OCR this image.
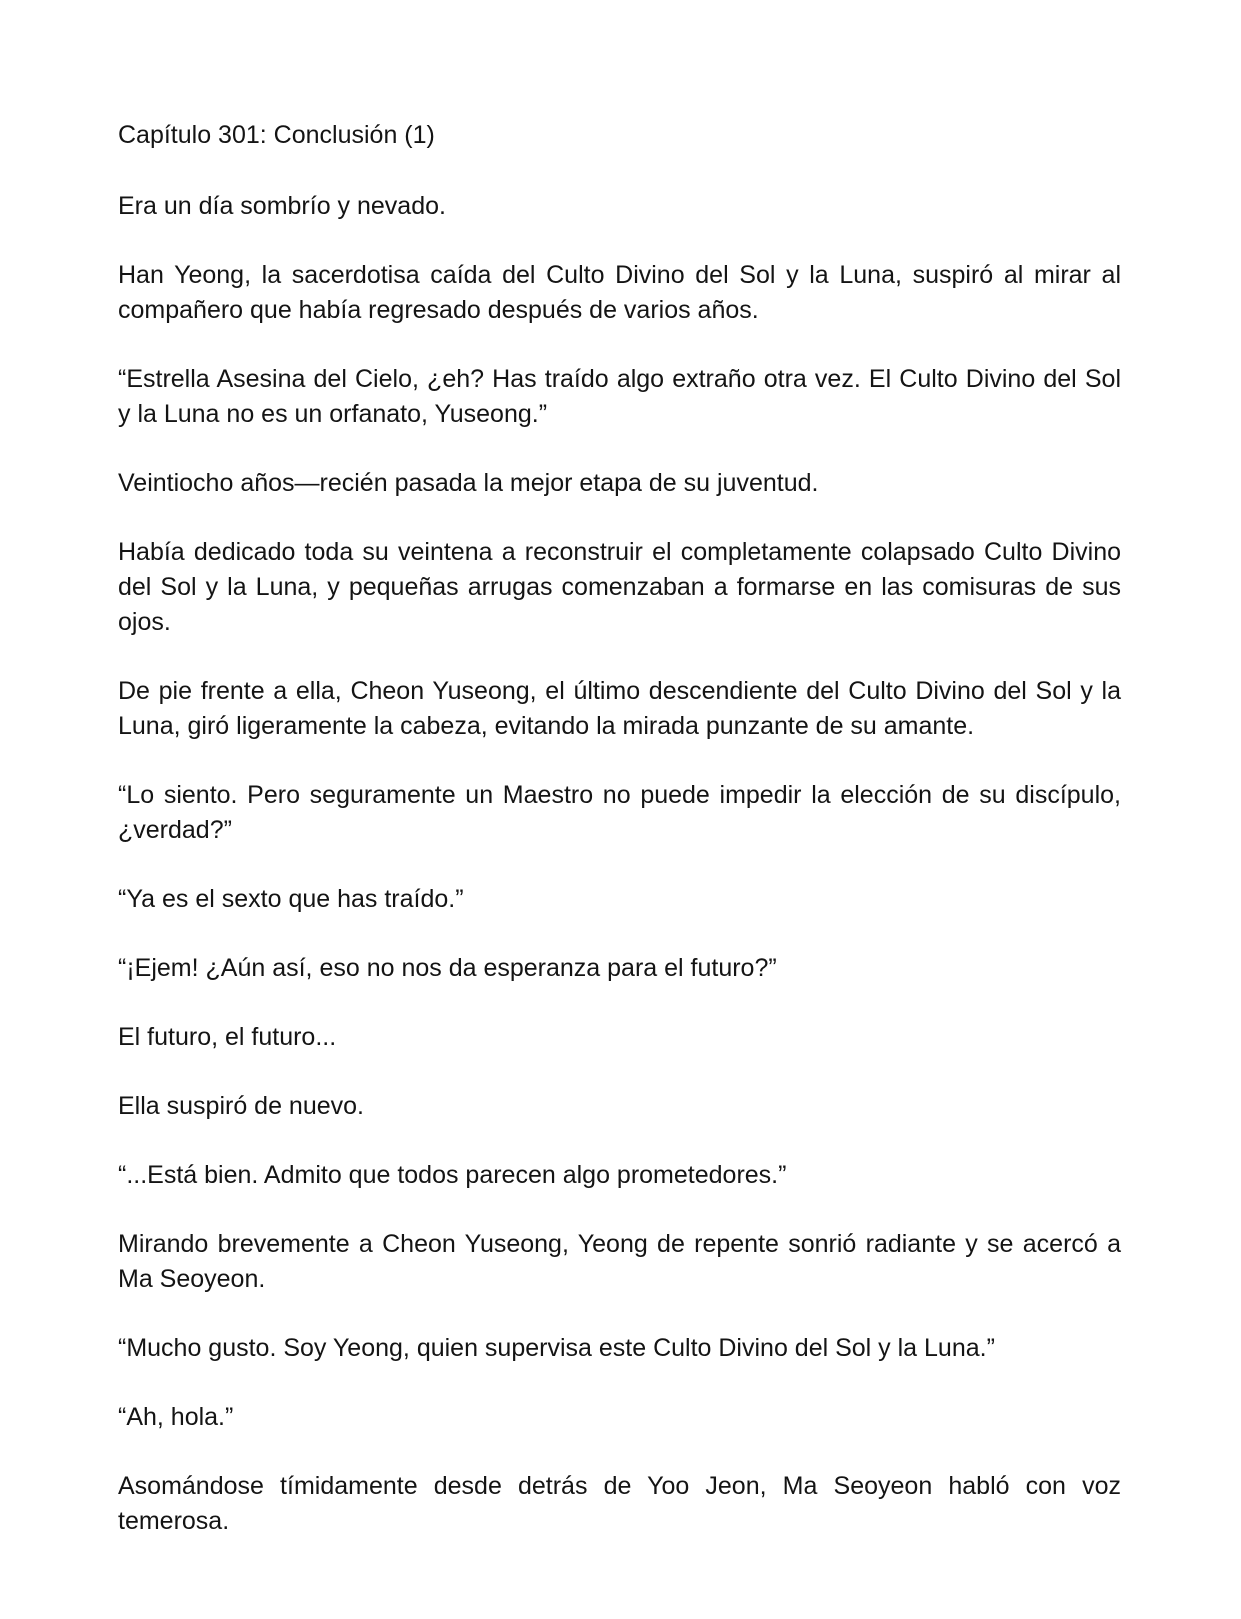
Capítulo 301: Conclusión (1)

Era un día sombrío y nevado.

Han Yeong, la sacerdotisa caída del Culto Divino del Sol y la Luna, suspiró al mirar al compañero que había regresado después de varios años.

“Estrella Asesina del Cielo, ¿eh? Has traído algo extraño otra vez. El Culto Divino del Sol y la Luna no es un orfanato, Yuseong.”

Veintiocho años—recién pasada la mejor etapa de su juventud.

Había dedicado toda su veintena a reconstruir el completamente colapsado Culto Divino del Sol y la Luna, y pequeñas arrugas comenzaban a formarse en las comisuras de sus ojos.

De pie frente a ella, Cheon Yuseong, el último descendiente del Culto Divino del Sol y la Luna, giró ligeramente la cabeza, evitando la mirada punzante de su amante.

“Lo siento. Pero seguramente un Maestro no puede impedir la elección de su discípulo, ¿verdad?”

“Ya es el sexto que has traído.”

“¡Ejem! ¿Aún así, eso no nos da esperanza para el futuro?”

El futuro, el futuro...

Ella suspiró de nuevo.

“...Está bien. Admito que todos parecen algo prometedores.”

Mirando brevemente a Cheon Yuseong, Yeong de repente sonrió radiante y se acercó a Ma Seoyeon.

“Mucho gusto. Soy Yeong, quien supervisa este Culto Divino del Sol y la Luna.”

“Ah, hola.”

Asomándose tímidamente desde detrás de Yoo Jeon, Ma Seoyeon habló con voz temerosa.
